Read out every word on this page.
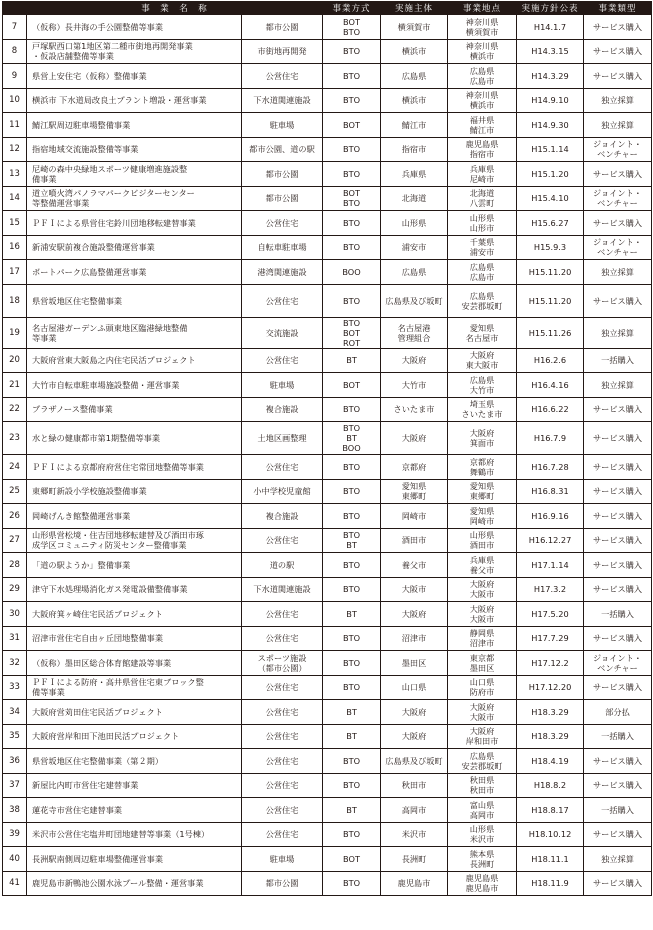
	事　業　名　称		事業方式	実施主体	事業地点	実施方針公表	事業類型
7	（仮称）長井海の手公園整備等事業	都市公園	BOT
BTO	横須賀市	神奈川県
横須賀市	H14.1.7	サービス購入
8	戸塚駅西口第1地区第二種市街地再開発事業
・仮設店舗整備等事業	市街地再開発	BTO	横浜市	神奈川県
横浜市	H14.3.15	サービス購入
9	県営上安住宅（仮称）整備事業	公営住宅	BTO	広島県	広島県
広島市	H14.3.29	サービス購入
10	横浜市 下水道局改良土プラント増設・運営事業	下水道関連施設	BTO	横浜市	神奈川県
横浜市	H14.9.10	独立採算
11	鯖江駅周辺駐車場整備事業	駐車場	BOT	鯖江市	福井県
鯖江市	H14.9.30	独立採算
12	指宿地域交流施設整備等事業	都市公園、道の駅	BTO	指宿市	鹿児島県
指宿市	H15.1.14	ジョイント・
ベンチャー
13	尼崎の森中央緑地スポーツ健康増進施設整
備事業	都市公園	BTO	兵庫県	兵庫県
尼崎市	H15.1.20	サービス購入
14	道立噴火湾パノラマパークビジターセンター
等整備運営事業	都市公園	BOT
BTO	北海道	北海道
八雲町	H15.4.10	ジョイント・
ベンチャー
15	ＰＦＩによる県営住宅鈴川団地移転建替事業	公営住宅	BTO	山形県	山形県
山形市	H15.6.27	サービス購入
16	新浦安駅前複合施設整備運営事業	自転車駐車場	BTO	浦安市	千葉県
浦安市	H15.9.3	ジョイント・
ベンチャー
17	ボートパーク広島整備運営事業	港湾関連施設	BOO	広島県	広島県
広島市	H15.11.20	独立採算
18	県営坂地区住宅整備事業	公営住宅	BTO	広島県及び坂町	広島県
安芸郡坂町	H15.11.20	サービス購入
19	名古屋港ガーデンふ頭東地区臨港緑地整備
等事業	交流施設	BTO
BOT
ROT	名古屋港
管理組合	愛知県
名古屋市	H15.11.26	独立採算
20	大阪府営東大阪島之内住宅民活プロジェクト	公営住宅	BT	大阪府	大阪府
東大阪市	H16.2.6	一括購入
21	大竹市自転車駐車場施設整備・運営事業	駐車場	BOT	大竹市	広島県
大竹市	H16.4.16	独立採算
22	プラザノース整備事業	複合施設	BTO	さいたま市	埼玉県
さいたま市	H16.6.22	サービス購入
23	水と緑の健康都市第1期整備等事業	土地区画整理	BTO
BT
BOO	大阪府	大阪府
箕面市	H16.7.9	サービス購入
24	ＰＦＩによる京都府府営住宅常団地整備等事業	公営住宅	BTO	京都府	京都府
舞鶴市	H16.7.28	サービス購入
25	東郷町新設小学校施設整備事業	小中学校児童館	BTO	愛知県
東郷町	愛知県
東郷町	H16.8.31	サービス購入
26	岡崎げんき館整備運営事業	複合施設	BTO	岡崎市	愛知県
岡崎市	H16.9.16	サービス購入
27	山形県営松境・住吉団地移転建替及び酒田市琢
成学区コミュニティ防災センター整備事業	公営住宅	BTO
BT	酒田市	山形県
酒田市	H16.12.27	サービス購入
28	「道の駅ようか」整備事業	道の駅	BTO	養父市	兵庫県
養父市	H17.1.14	サービス購入
29	津守下水処理場消化ガス発電設備整備事業	下水道関連施設	BTO	大阪市	大阪府
大阪市	H17.3.2	サービス購入
30	大阪府箕ヶ崎住宅民活プロジェクト	公営住宅	BT	大阪府	大阪府
大阪市	H17.5.20	一括購入
31	沼津市営住宅自由ヶ丘団地整備事業	公営住宅	BTO	沼津市	静岡県
沼津市	H17.7.29	サービス購入
32	（仮称）墨田区総合体育館建設等事業	スポーツ施設
（都市公園）	BTO	墨田区	東京都
墨田区	H17.12.2	ジョイント・
ベンチャー
33	ＰＦＩによる防府・高井県営住宅東ブロック整
備等事業	公営住宅	BTO	山口県	山口県
防府市	H17.12.20	サービス購入
34	大阪府営苅田住宅民活プロジェクト	公営住宅	BT	大阪府	大阪府
大阪市	H18.3.29	部分払
35	大阪府営岸和田下池田民活プロジェクト	公営住宅	BT	大阪府	大阪府
岸和田市	H18.3.29	一括購入
36	県営坂地区住宅整備事業（第２期）	公営住宅	BTO	広島県及び坂町	広島県
安芸郡坂町	H18.4.19	サービス購入
37	新屋比内町市営住宅建替事業	公営住宅	BTO	秋田市	秋田県
秋田市	H18.8.2	サービス購入
38	蓮花寺市営住宅建替事業	公営住宅	BT	高岡市	富山県
高岡市	H18.8.17	一括購入
39	米沢市公営住宅塩井町団地建替等事業（1号棟）	公営住宅	BTO	米沢市	山形県
米沢市	H18.10.12	サービス購入
40	長洲駅南側周辺駐車場整備運営事業	駐車場	BOT	長洲町	熊本県
長洲町	H18.11.1	独立採算
41	鹿児島市新鴨池公園水泳プール整備・運営事業	都市公園	BTO	鹿児島市	鹿児島県
鹿児島市	H18.11.9	サービス購入
